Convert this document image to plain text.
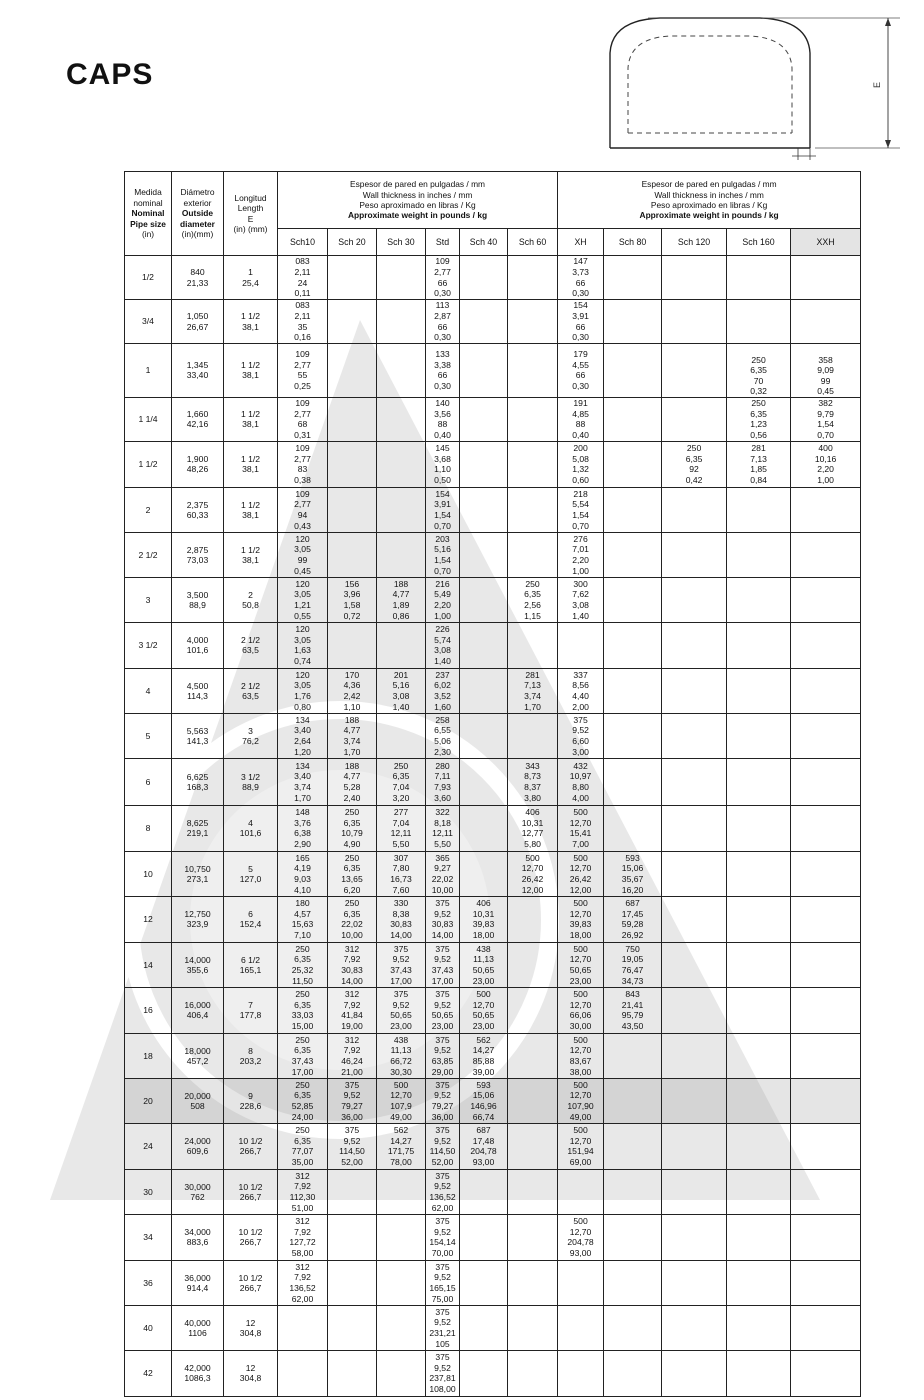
CAPS	E
Medida
nominal
Nominal
Pipe size
(in)	Diámetro
exterior
Outside
diameter
(in)(mm)	Longitud
Length
E
(in) (mm)	Espesor de pared en pulgadas / mm
Wall thickness in inches / mm
Peso aproximado en libras / Kg
Approximate weight in pounds / kg						Espesor de pared en pulgadas / mm
Wall thickness in inches / mm
Peso aproximado en libras / Kg
Approximate weight in pounds / kg				
			Sch10	Sch 20	Sch 30	Std	Sch 40	Sch 60	XH	Sch 80	Sch 120	Sch 160	XXH
1/2	840
21,33	1
25,4	083
2,11
24
0,11			109
2,77
66
0,30			147
3,73
66
0,30				

3/4	1,050
26,67	1 1/2
38,1	083
2,11
35
0,16			113
2,87
66
0,30			154
3,91
66
0,30				

1	1,345
33,40	1 1/2
38,1	109
2,77
55
0,25			133
3,38
66
0,30			179
4,55
66
0,30			250
6,35
70
0,32	358
9,09
99
0,45

1 1/4	1,660
42,16	1 1/2
38,1	109
2,77
68
0,31			140
3,56
88
0,40			191
4,85
88
0,40			250
6,35
1,23
0,56	382
9,79
1,54
0,70

1 1/2	1,900
48,26	1 1/2
38,1	109
2,77
83
0,38			145
3,68
1,10
0,50			200
5,08
1,32
0,60		250
6,35
92
0,42	281
7,13
1,85
0,84	400
10,16
2,20
1,00

2	2,375
60,33	1 1/2
38,1	109
2,77
94
0,43			154
3,91
1,54
0,70			218
5,54
1,54
0,70				

2 1/2	2,875
73,03	1 1/2
38,1	120
3,05
99
0,45			203
5,16
1,54
0,70			276
7,01
2,20
1,00				

3	3,500
88,9	2
50,8	120
3,05
1,21
0,55	156
3,96
1,58
0,72	188
4,77
1,89
0,86	216
5,49
2,20
1,00		250
6,35
2,56
1,15	300
7,62
3,08
1,40				

3 1/2	4,000
101,6	2 1/2
63,5	120
3,05
1,63
0,74			226
5,74
3,08
1,40							

4	4,500
114,3	2 1/2
63,5	120
3,05
1,76
0,80	170
4,36
2,42
1,10	201
5,16
3,08
1,40	237
6,02
3,52
1,60		281
7,13
3,74
1,70	337
8,56
4,40
2,00				

5	5,563
141,3	3
76,2	134
3,40
2,64
1,20	188
4,77
3,74
1,70		258
6,55
5,06
2,30			375
9,52
6,60
3,00				

6	6,625
168,3	3 1/2
88,9	134
3,40
3,74
1,70	188
4,77
5,28
2,40	250
6,35
7,04
3,20	280
7,11
7,93
3,60		343
8,73
8,37
3,80	432
10,97
8,80
4,00				

8	8,625
219,1	4
101,6	148
3,76
6,38
2,90	250
6,35
10,79
4,90	277
7,04
12,11
5,50	322
8,18
12,11
5,50		406
10,31
12,77
5,80	500
12,70
15,41
7,00				

10	10,750
273,1	5
127,0	165
4,19
9,03
4,10	250
6,35
13,65
6,20	307
7,80
16,73
7,60	365
9,27
22,02
10,00		500
12,70
26,42
12,00	500
12,70
26,42
12,00	593
15,06
35,67
16,20			

12	12,750
323,9	6
152,4	180
4,57
15,63
7,10	250
6,35
22,02
10,00	330
8,38
30,83
14,00	375
9,52
30,83
14,00	406
10,31
39,83
18,00		500
12,70
39,83
18,00	687
17,45
59,28
26,92			

14	14,000
355,6	6 1/2
165,1	250
6,35
25,32
11,50	312
7,92
30,83
14,00	375
9,52
37,43
17,00	375
9,52
37,43
17,00	438
11,13
50,65
23,00		500
12,70
50,65
23,00	750
19,05
76,47
34,73			

16	16,000
406,4	7
177,8	250
6,35
33,03
15,00	312
7,92
41,84
19,00	375
9,52
50,65
23,00	375
9,52
50,65
23,00	500
12,70
50,65
23,00		500
12,70
66,06
30,00	843
21,41
95,79
43,50			

18	18,000
457,2	8
203,2	250
6,35
37,43
17,00	312
7,92
46,24
21,00	438
11,13
66,72
30,30	375
9,52
63,85
29,00	562
14,27
85,88
39,00		500
12,70
83,67
38,00				

20	20,000
508	9
228,6	250
6,35
52,85
24,00	375
9,52
79,27
36,00	500
12,70
107,9
49,00	375
9,52
79,27
36,00	593
15,06
146,96
66,74		500
12,70
107,90
49,00				

24	24,000
609,6	10 1/2
266,7	250
6,35
77,07
35,00	375
9,52
114,50
52,00	562
14,27
171,75
78,00	375
9,52
114,50
52,00	687
17,48
204,78
93,00		500
12,70
151,94
69,00				

30	30,000
762	10 1/2
266,7	312
7,92
112,30
51,00			375
9,52
136,52
62,00							

34	34,000
883,6	10 1/2
266,7	312
7,92
127,72
58,00			375
9,52
154,14
70,00			500
12,70
204,78
93,00				

36	36,000
914,4	10 1/2
266,7	312
7,92
136,52
62,00			375
9,52
165,15
75,00							

40	40,000
1106	12
304,8				375
9,52
231,21
105							

42	42,000
1086,3	12
304,8				375
9,52
237,81
108,00							
